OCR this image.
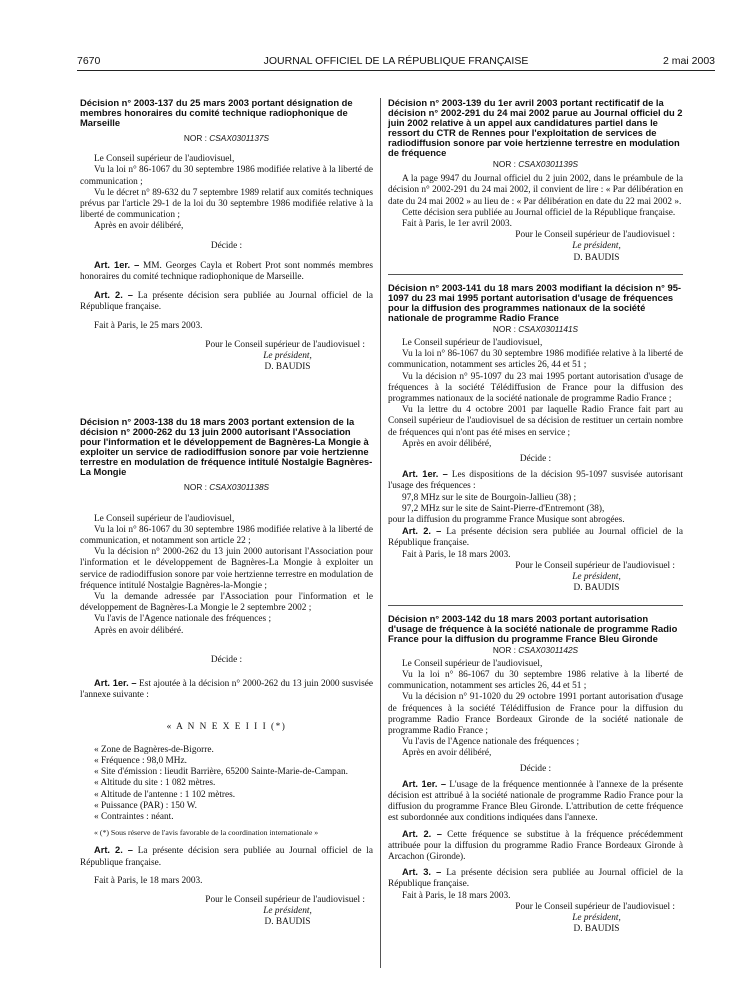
7670	JOURNAL OFFICIEL DE LA RÉPUBLIQUE FRANÇAISE	2 mai 2003
Décision n° 2003-137 du 25 mars 2003 portant désignation de membres honoraires du comité technique radiophonique de Marseille
NOR : CSAX0301137S

Le Conseil supérieur de l'audiovisuel,

Vu la loi n° 86-1067 du 30 septembre 1986 modifiée relative à la liberté de communication ;

Vu le décret n° 89-632 du 7 septembre 1989 relatif aux comités techniques prévus par l'article 29-1 de la loi du 30 septembre 1986 modifiée relative à la liberté de communication ;

Après en avoir délibéré,

Décide :

Art. 1er. – MM. Georges Cayla et Robert Prot sont nommés membres honoraires du comité technique radiophonique de Marseille.

Art. 2. – La présente décision sera publiée au Journal officiel de la République française.

Fait à Paris, le 25 mars 2003.

Pour le Conseil supérieur de l'audiovisuel :
Le président,
D. BAUDIS
Décision n° 2003-138 du 18 mars 2003 portant extension de la décision n° 2000-262 du 13 juin 2000 autorisant l'Association pour l'information et le développement de Bagnères-La Mongie à exploiter un service de radiodiffusion sonore par voie hertzienne terrestre en modulation de fréquence intitulé Nostalgie Bagnères-La Mongie
NOR : CSAX0301138S

Le Conseil supérieur de l'audiovisuel,

Vu la loi n° 86-1067 du 30 septembre 1986 modifiée relative à la liberté de communication, et notamment son article 22 ;

Vu la décision n° 2000-262 du 13 juin 2000 autorisant l'Association pour l'information et le développement de Bagnères-La Mongie à exploiter un service de radiodiffusion sonore par voie hertzienne terrestre en modulation de fréquence intitulé Nostalgie Bagnères-la-Mongie ;

Vu la demande adressée par l'Association pour l'information et le développement de Bagnères-La Mongie le 2 septembre 2002 ;

Vu l'avis de l'Agence nationale des fréquences ;

Après en avoir délibéré.

Décide :

Art. 1er. – Est ajoutée à la décision n° 2000-262 du 13 juin 2000 susvisée l'annexe suivante :

« A N N E X E I I I (*)

« Zone de Bagnères-de-Bigorre.

« Fréquence : 98,0 MHz.

« Site d'émission : lieudit Barrière, 65200 Sainte-Marie-de-Campan.

« Altitude du site : 1 082 mètres.

« Altitude de l'antenne : 1 102 mètres.

« Puissance (PAR) : 150 W.

« Contraintes : néant.

« (*) Sous réserve de l'avis favorable de la coordination internationale »

Art. 2. – La présente décision sera publiée au Journal officiel de la République française.

Fait à Paris, le 18 mars 2003.

Pour le Conseil supérieur de l'audiovisuel :
Le président,
D. BAUDIS
Décision n° 2003-139 du 1er avril 2003 portant rectificatif de la décision n° 2002-291 du 24 mai 2002 parue au Journal officiel du 2 juin 2002 relative à un appel aux candidatures partiel dans le ressort du CTR de Rennes pour l'exploitation de services de radiodiffusion sonore par voie hertzienne terrestre en modulation de fréquence
NOR : CSAX0301139S

A la page 9947 du Journal officiel du 2 juin 2002, dans le préambule de la décision n° 2002-291 du 24 mai 2002, il convient de lire : « Par délibération en date du 24 mai 2002 » au lieu de : « Par délibération en date du 22 mai 2002 ».

Cette décision sera publiée au Journal officiel de la République française.

Fait à Paris, le 1er avril 2003.

Pour le Conseil supérieur de l'audiovisuel :
Le président,
D. BAUDIS
Décision n° 2003-141 du 18 mars 2003 modifiant la décision n° 95-1097 du 23 mai 1995 portant autorisation d'usage de fréquences pour la diffusion des programmes nationaux de la société nationale de programme Radio France
NOR : CSAX0301141S

Le Conseil supérieur de l'audiovisuel,

Vu la loi n° 86-1067 du 30 septembre 1986 modifiée relative à la liberté de communication, notamment ses articles 26, 44 et 51 ;

Vu la décision n° 95-1097 du 23 mai 1995 portant autorisation d'usage de fréquences à la société Télédiffusion de France pour la diffusion des programmes nationaux de la société nationale de programme Radio France ;

Vu la lettre du 4 octobre 2001 par laquelle Radio France fait part au Conseil supérieur de l'audiovisuel de sa décision de restituer un certain nombre de fréquences qui n'ont pas été mises en service ;

Après en avoir délibéré,

Décide :

Art. 1er. – Les dispositions de la décision 95-1097 susvisée autorisant l'usage des fréquences :

97,8 MHz sur le site de Bourgoin-Jallieu (38) ;

97,2 MHz sur le site de Saint-Pierre-d'Entremont (38),

pour la diffusion du programme France Musique sont abrogées.

Art. 2. – La présente décision sera publiée au Journal officiel de la République française.

Fait à Paris, le 18 mars 2003.

Pour le Conseil supérieur de l'audiovisuel :
Le président,
D. BAUDIS
Décision n° 2003-142 du 18 mars 2003 portant autorisation d'usage de fréquence à la société nationale de programme Radio France pour la diffusion du programme France Bleu Gironde
NOR : CSAX0301142S

Le Conseil supérieur de l'audiovisuel,

Vu la loi n° 86-1067 du 30 septembre 1986 relative à la liberté de communication, notamment ses articles 26, 44 et 51 ;

Vu la décision n° 91-1020 du 29 octobre 1991 portant autorisation d'usage de fréquences à la société Télédiffusion de France pour la diffusion du programme Radio France Bordeaux Gironde de la société nationale de programme Radio France ;

Vu l'avis de l'Agence nationale des fréquences ;

Après en avoir délibéré,

Décide :

Art. 1er. – L'usage de la fréquence mentionnée à l'annexe de la présente décision est attribué à la société nationale de programme Radio France pour la diffusion du programme France Bleu Gironde. L'attribution de cette fréquence est subordonnée aux conditions indiquées dans l'annexe.

Art. 2. – Cette fréquence se substitue à la fréquence précédemment attribuée pour la diffusion du programme Radio France Bordeaux Gironde à Arcachon (Gironde).

Art. 3. – La présente décision sera publiée au Journal officiel de la République française.

Fait à Paris, le 18 mars 2003.

Pour le Conseil supérieur de l'audiovisuel :
Le président,
D. BAUDIS
